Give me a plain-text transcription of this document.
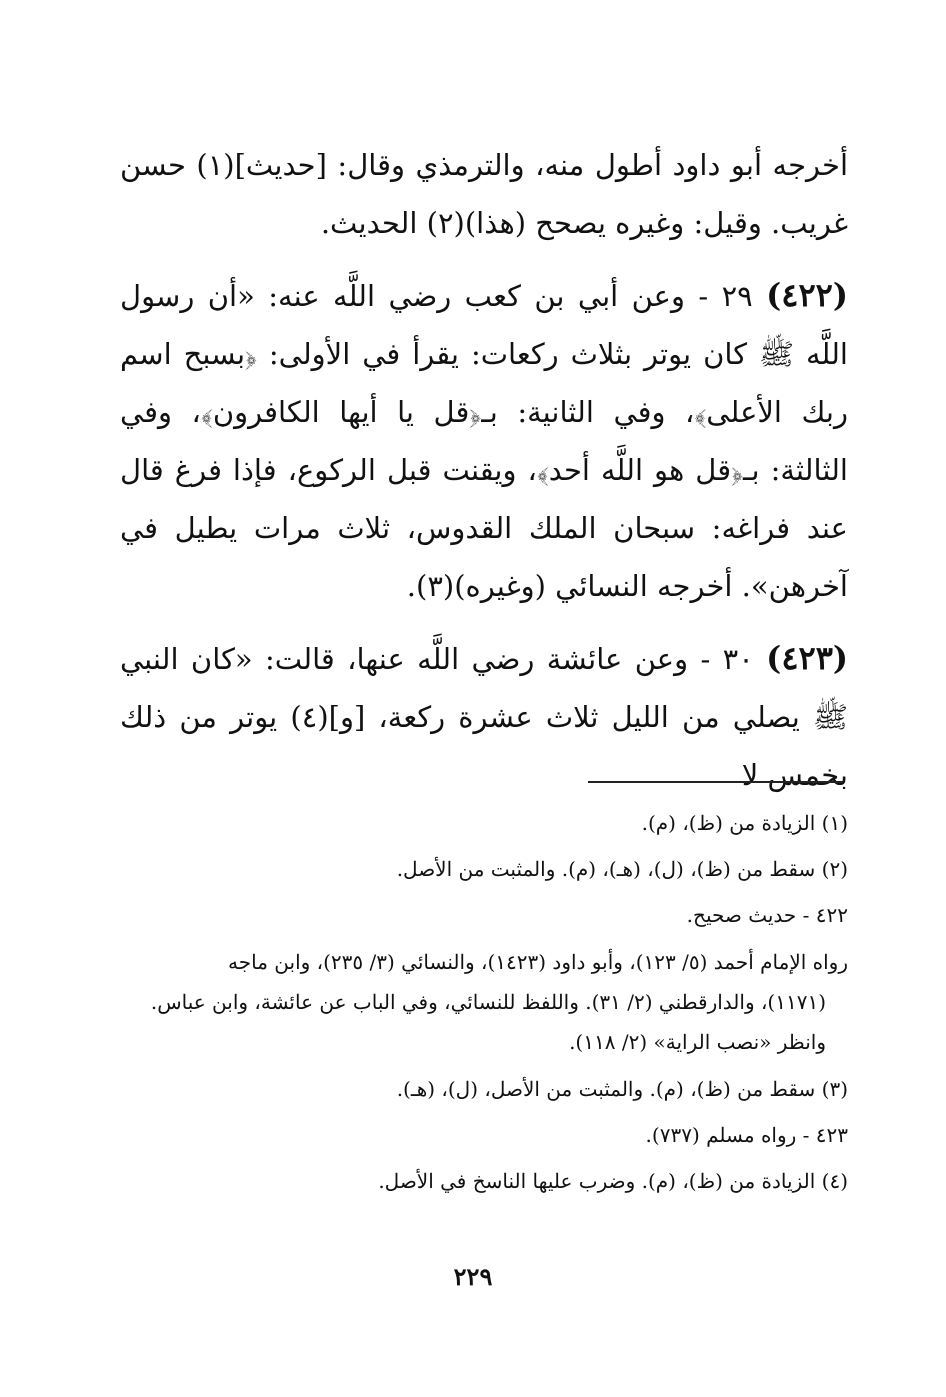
أخرجه أبو داود أطول منه، والترمذي وقال: [حديث](١) حسن غريب. وقيل: وغيره يصحح (هذا)(٢) الحديث.

(٤٢٢) ٢٩ - وعن أبي بن كعب رضي اللَّه عنه: «أن رسول اللَّه ﷺ كان يوتر بثلاث ركعات: يقرأ في الأولى: ﴿بسبح اسم ربك الأعلى﴾، وفي الثانية: بـ﴿قل يا أيها الكافرون﴾، وفي الثالثة: بـ﴿قل هو اللَّه أحد﴾، ويقنت قبل الركوع، فإذا فرغ قال عند فراغه: سبحان الملك القدوس، ثلاث مرات يطيل في آخرهن». أخرجه النسائي (وغيره)(٣).

(٤٢٣) ٣٠ - وعن عائشة رضي اللَّه عنها، قالت: «كان النبي ﷺ يصلي من الليل ثلاث عشرة ركعة، [و](٤) يوتر من ذلك بخمس لا

(١) الزيادة من (ظ)، (م).

(٢) سقط من (ظ)، (ل)، (هـ)، (م). والمثبت من الأصل.

٤٢٢ - حديث صحيح.

رواه الإمام أحمد (٥/ ١٢٣)، وأبو داود (١٤٢٣)، والنسائي (٣/ ٢٣٥)، وابن ماجه
(١١٧١)، والدارقطني (٢/ ٣١). واللفظ للنسائي، وفي الباب عن عائشة، وابن عباس. وانظر «نصب الراية» (٢/ ١١٨).

(٣) سقط من (ظ)، (م). والمثبت من الأصل، (ل)، (هـ).

٤٢٣ - رواه مسلم (٧٣٧).

(٤) الزيادة من (ظ)، (م). وضرب عليها الناسخ في الأصل.

٢٢٩
